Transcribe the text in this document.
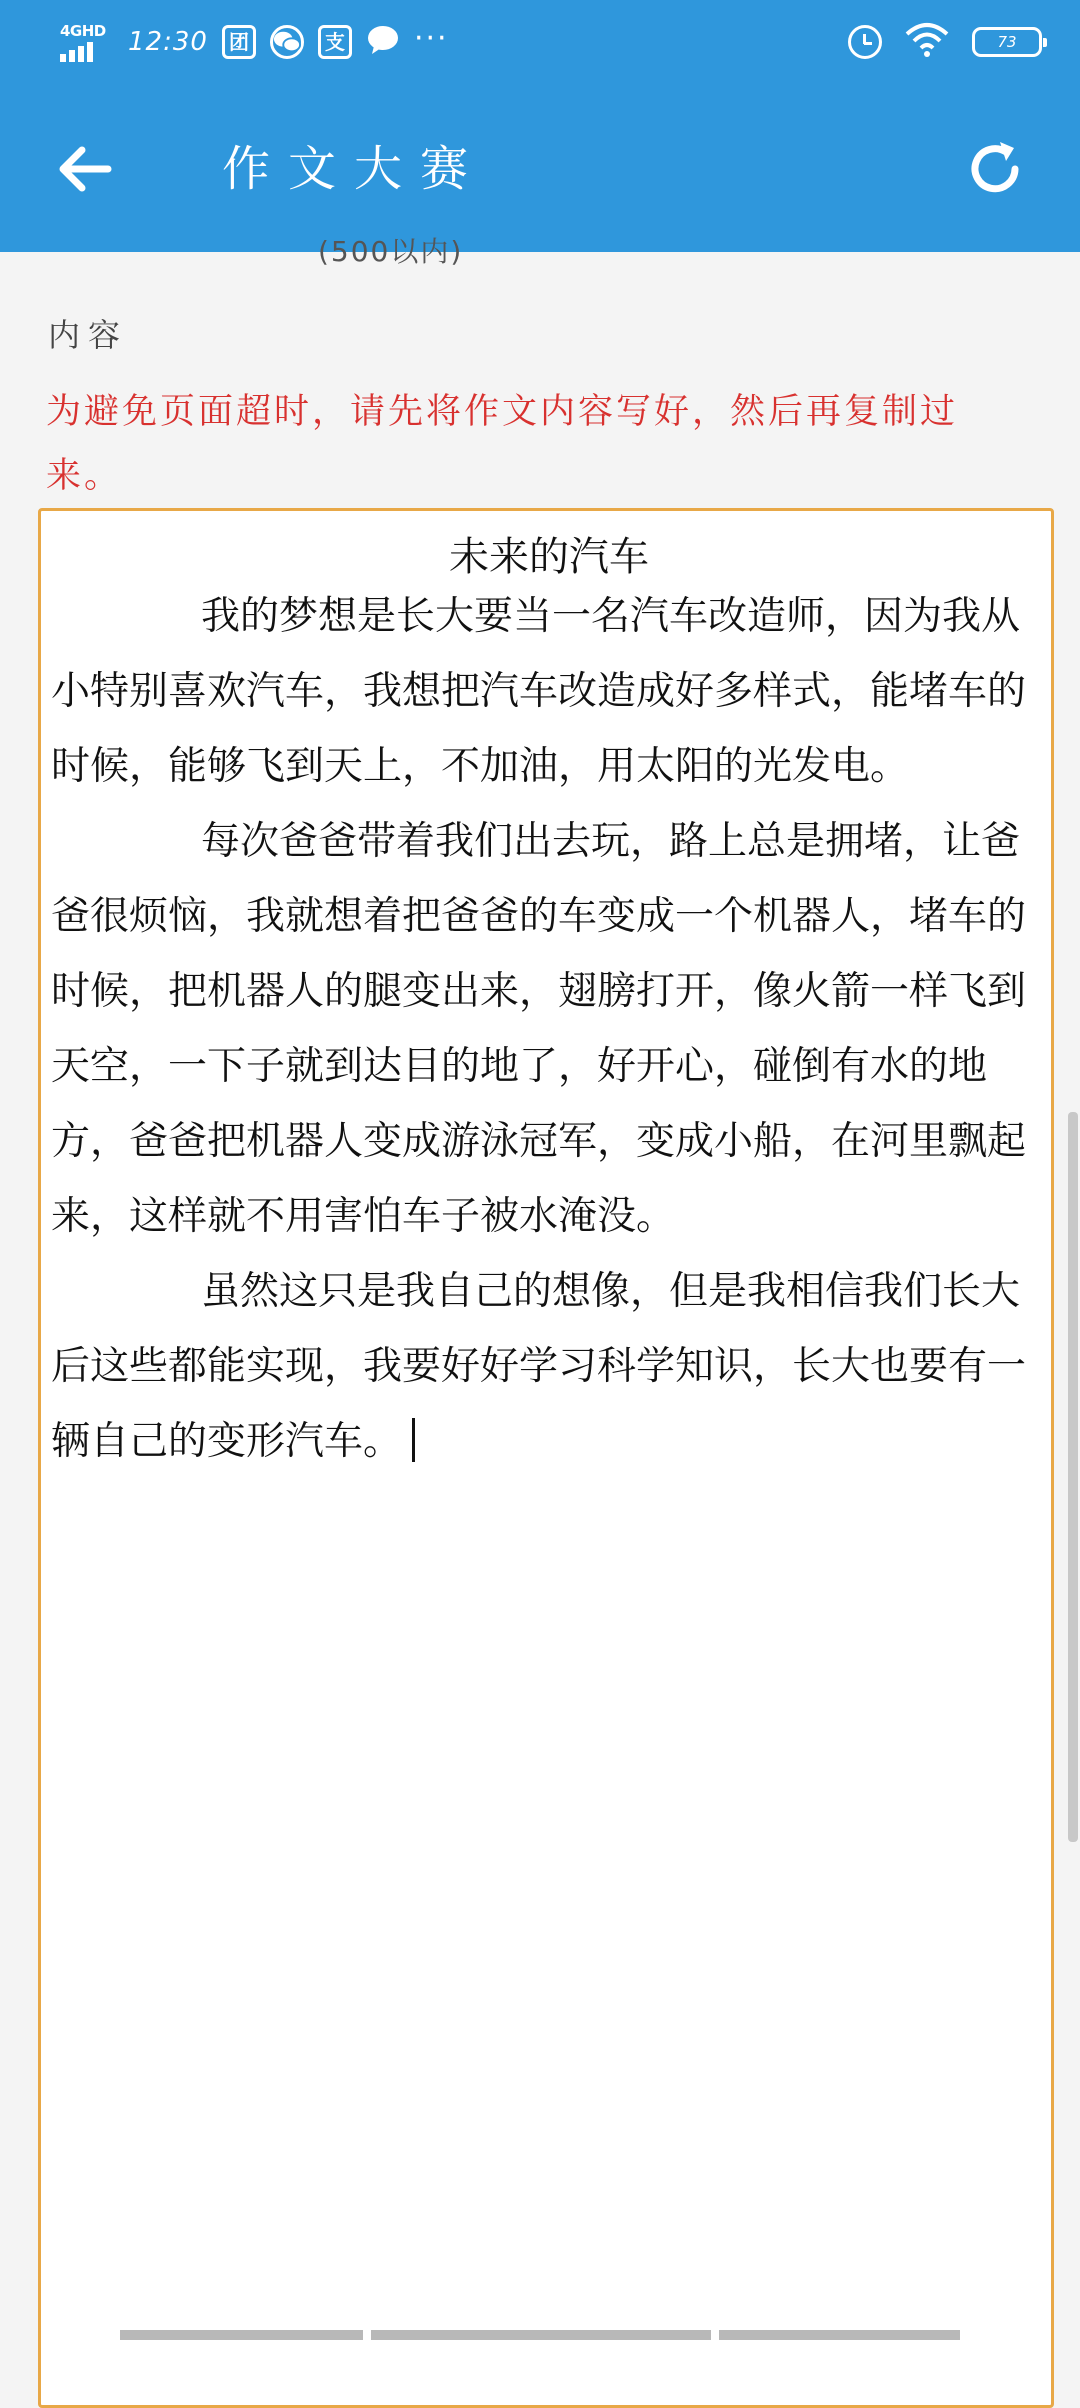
4GHD 12:30	团	支 ···	73
作文大赛
(500以内)
内容
为避免页面超时，请先将作文内容写好，然后再复制过来。
未来的汽车

我的梦想是长大要当一名汽车改造师，因为我从小特别喜欢汽车，我想把汽车改造成好多样式，能堵车的时候，能够飞到天上，不加油，用太阳的光发电。

每次爸爸带着我们出去玩，路上总是拥堵，让爸爸很烦恼，我就想着把爸爸的车变成一个机器人，堵车的时候，把机器人的腿变出来，翅膀打开，像火箭一样飞到天空，一下子就到达目的地了，好开心，碰倒有水的地方，爸爸把机器人变成游泳冠军，变成小船，在河里飘起来，这样就不用害怕车子被水淹没。

虽然这只是我自己的想像，但是我相信我们长大后这些都能实现，我要好好学习科学知识，长大也要有一辆自己的变形汽车。
